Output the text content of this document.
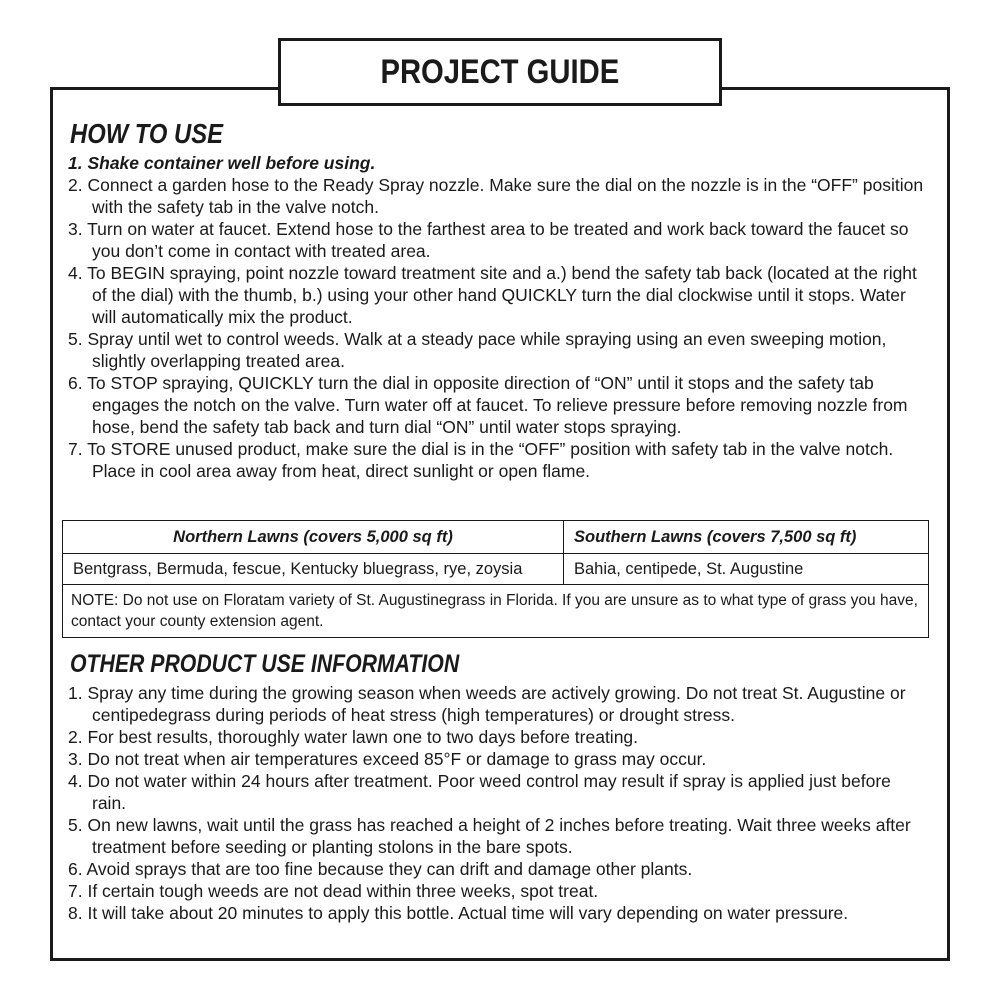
PROJECT GUIDE
HOW TO USE
1. Shake container well before using.
2. Connect a garden hose to the Ready Spray nozzle. Make sure the dial on the nozzle is in the “OFF” position with the safety tab in the valve notch.
3. Turn on water at faucet. Extend hose to the farthest area to be treated and work back toward the faucet so you don’t come in contact with treated area.
4. To BEGIN spraying, point nozzle toward treatment site and a.) bend the safety tab back (located at the right of the dial) with the thumb, b.) using your other hand QUICKLY turn the dial clockwise until it stops. Water will automatically mix the product.
5. Spray until wet to control weeds. Walk at a steady pace while spraying using an even sweeping motion, slightly overlapping treated area.
6. To STOP spraying, QUICKLY turn the dial in opposite direction of “ON” until it stops and the safety tab engages the notch on the valve. Turn water off at faucet. To relieve pressure before removing nozzle from hose, bend the safety tab back and turn dial “ON” until water stops spraying.
7. To STORE unused product, make sure the dial is in the “OFF” position with safety tab in the valve notch. Place in cool area away from heat, direct sunlight or open flame.
Northern Lawns (covers 5,000 sq ft)	Southern Lawns (covers 7,500 sq ft)
Bentgrass, Bermuda, fescue, Kentucky bluegrass, rye, zoysia	Bahia, centipede, St. Augustine
NOTE: Do not use on Floratam variety of St. Augustinegrass in Florida. If you are unsure as to what type of grass you have, contact your county extension agent.	
OTHER PRODUCT USE INFORMATION
1. Spray any time during the growing season when weeds are actively growing. Do not treat St. Augustine or centipedegrass during periods of heat stress (high temperatures) or drought stress.
2. For best results, thoroughly water lawn one to two days before treating.
3. Do not treat when air temperatures exceed 85°F or damage to grass may occur.
4. Do not water within 24 hours after treatment. Poor weed control may result if spray is applied just before rain.
5. On new lawns, wait until the grass has reached a height of 2 inches before treating. Wait three weeks after treatment before seeding or planting stolons in the bare spots.
6. Avoid sprays that are too fine because they can drift and damage other plants.
7. If certain tough weeds are not dead within three weeks, spot treat.
8. It will take about 20 minutes to apply this bottle. Actual time will vary depending on water pressure.
